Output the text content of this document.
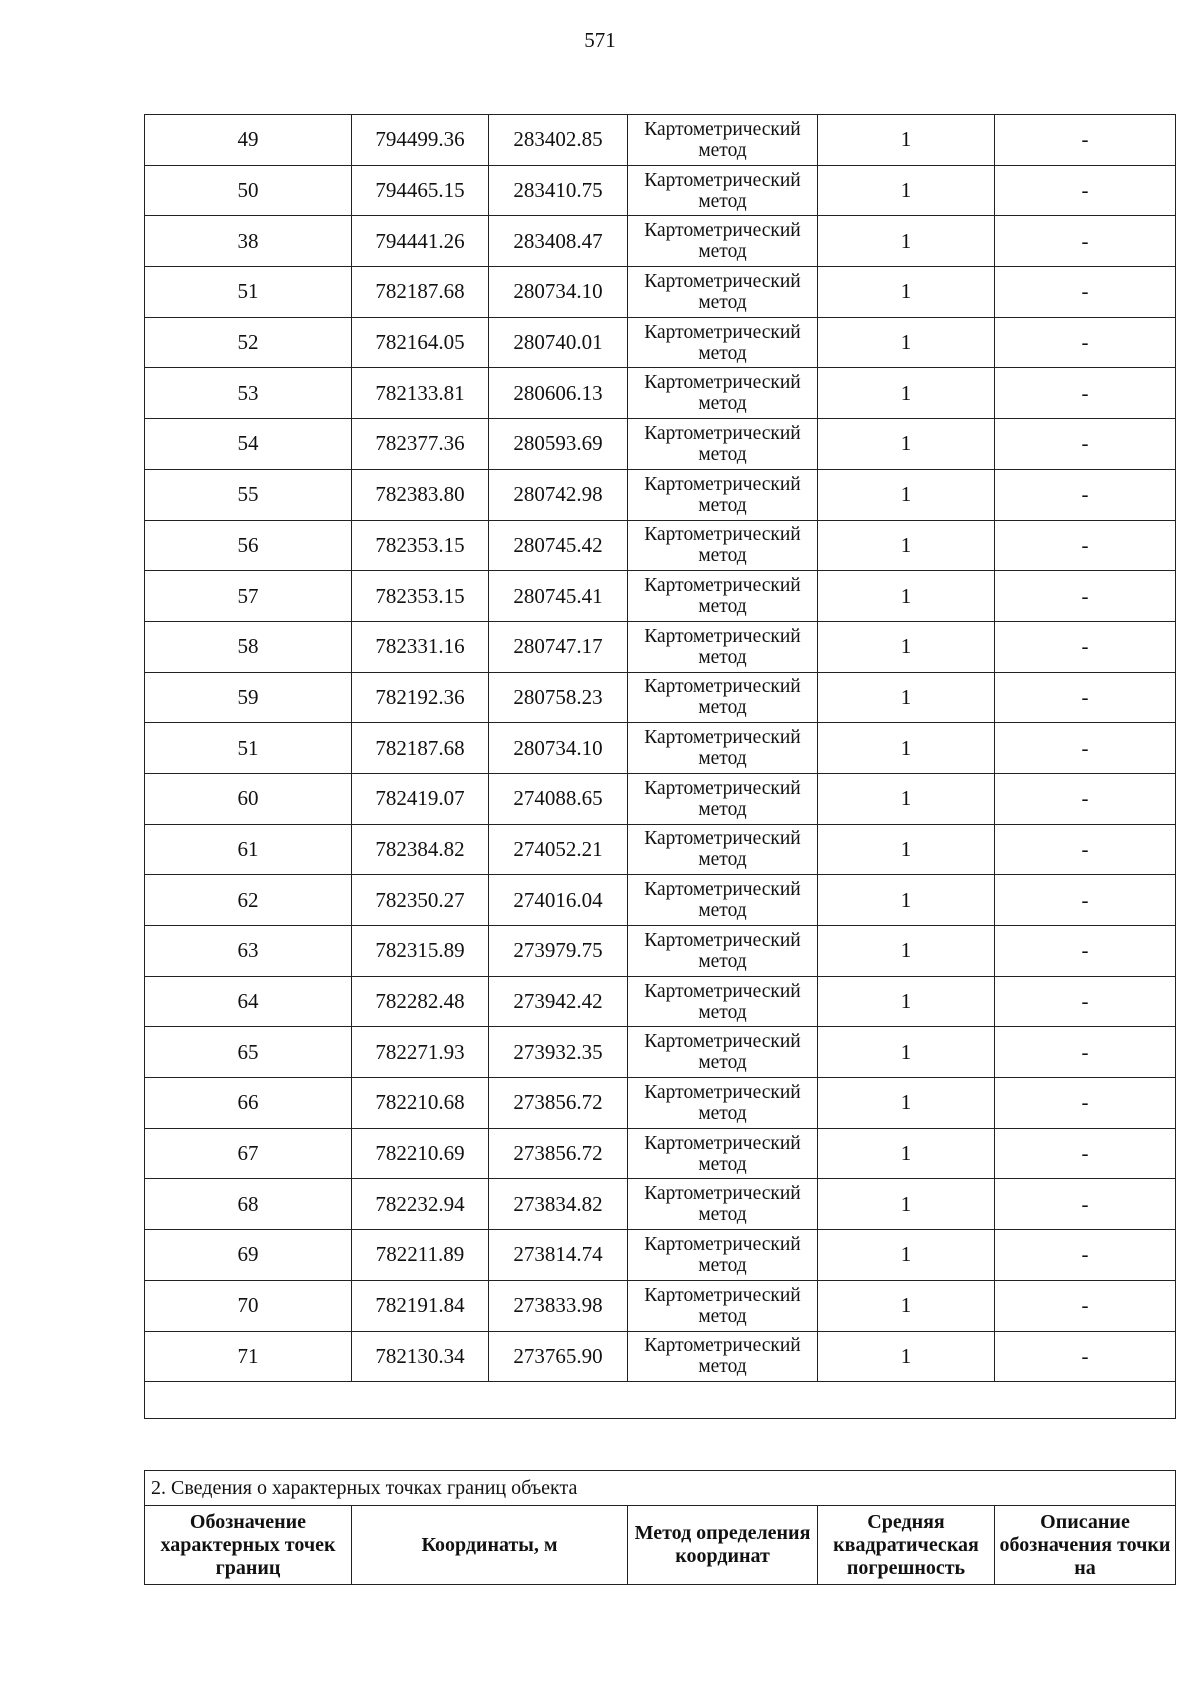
571
49	794499.36	283402.85	Картометрический метод	1	-
50	794465.15	283410.75	Картометрический метод	1	-
38	794441.26	283408.47	Картометрический метод	1	-
51	782187.68	280734.10	Картометрический метод	1	-
52	782164.05	280740.01	Картометрический метод	1	-
53	782133.81	280606.13	Картометрический метод	1	-
54	782377.36	280593.69	Картометрический метод	1	-
55	782383.80	280742.98	Картометрический метод	1	-
56	782353.15	280745.42	Картометрический метод	1	-
57	782353.15	280745.41	Картометрический метод	1	-
58	782331.16	280747.17	Картометрический метод	1	-
59	782192.36	280758.23	Картометрический метод	1	-
51	782187.68	280734.10	Картометрический метод	1	-
60	782419.07	274088.65	Картометрический метод	1	-
61	782384.82	274052.21	Картометрический метод	1	-
62	782350.27	274016.04	Картометрический метод	1	-
63	782315.89	273979.75	Картометрический метод	1	-
64	782282.48	273942.42	Картометрический метод	1	-
65	782271.93	273932.35	Картометрический метод	1	-
66	782210.68	273856.72	Картометрический метод	1	-
67	782210.69	273856.72	Картометрический метод	1	-
68	782232.94	273834.82	Картометрический метод	1	-
69	782211.89	273814.74	Картометрический метод	1	-
70	782191.84	273833.98	Картометрический метод	1	-
71	782130.34	273765.90	Картометрический метод	1	-

2. Сведения о характерных точках границ объекта
Обозначение характерных точек границ	Координаты, м	Метод определения координат	Средняя квадратическая погрешность	Описание обозначения точки на
